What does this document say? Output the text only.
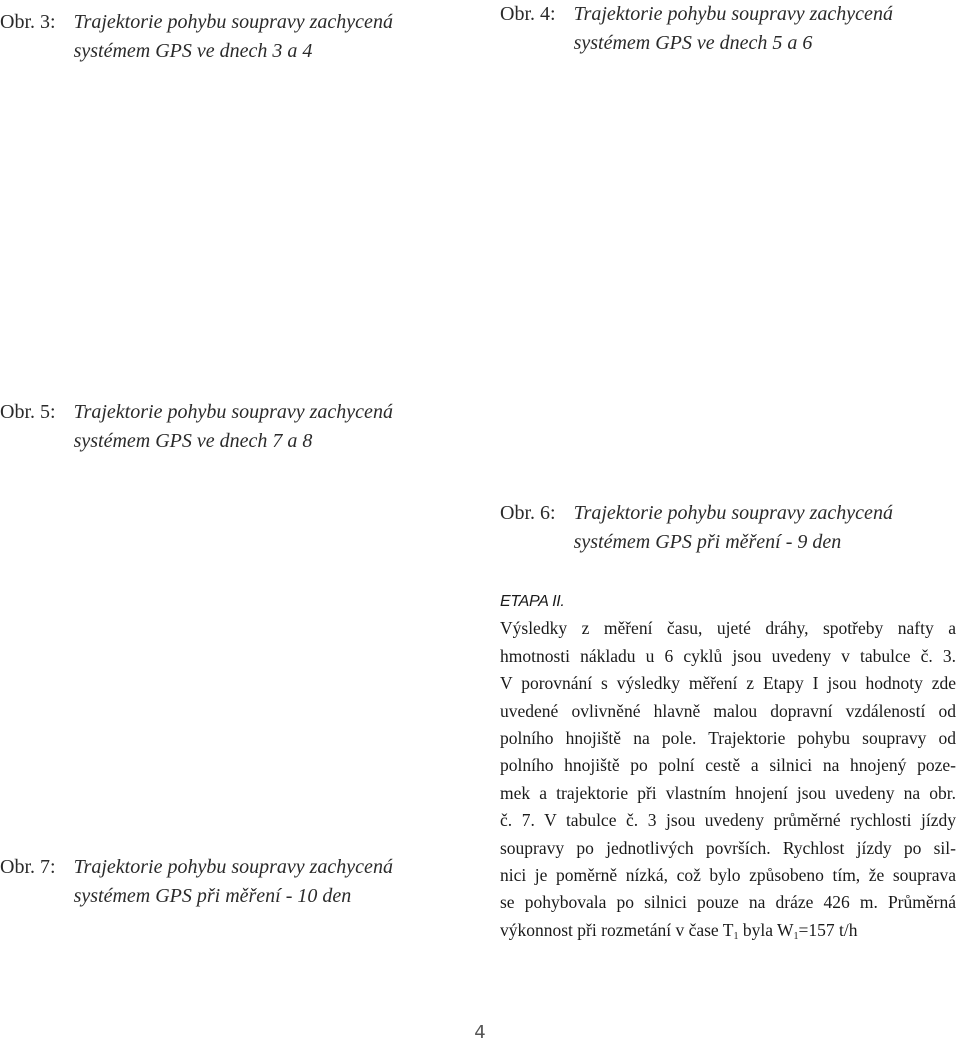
Obr. 3: Trajektorie pohybu soupravy zachycená
systémem GPS ve dnech 3 a 4
Obr. 4: Trajektorie pohybu soupravy zachycená
systémem GPS ve dnech 5 a 6
Obr. 5: Trajektorie pohybu soupravy zachycená
systémem GPS ve dnech 7 a 8
Obr. 6: Trajektorie pohybu soupravy zachycená
systémem GPS při měření - 9 den
Obr. 7: Trajektorie pohybu soupravy zachycená
systémem GPS při měření - 10 den
ETAPA II.
Výsledky z měření času, ujeté dráhy, spotřeby nafty a
hmotnosti nákladu u 6 cyklů jsou uvedeny v tabulce č. 3.
V porovnání s výsledky měření z Etapy I jsou hodnoty zde
uvedené ovlivněné hlavně malou dopravní vzdáleností od
polního hnojiště na pole. Trajektorie pohybu soupravy od
polního hnojiště po polní cestě a silnici na hnojený poze-
mek a trajektorie při vlastním hnojení jsou uvedeny na obr.
č. 7. V tabulce č. 3 jsou uvedeny průměrné rychlosti jízdy
soupravy po jednotlivých površích. Rychlost jízdy po sil-
nici je poměrně nízká, což bylo způsobeno tím, že souprava
se pohybovala po silnici pouze na dráze 426 m. Průměrná
výkonnost při rozmetání v čase $T_1$ byla $W_1=157$ t/h
4
